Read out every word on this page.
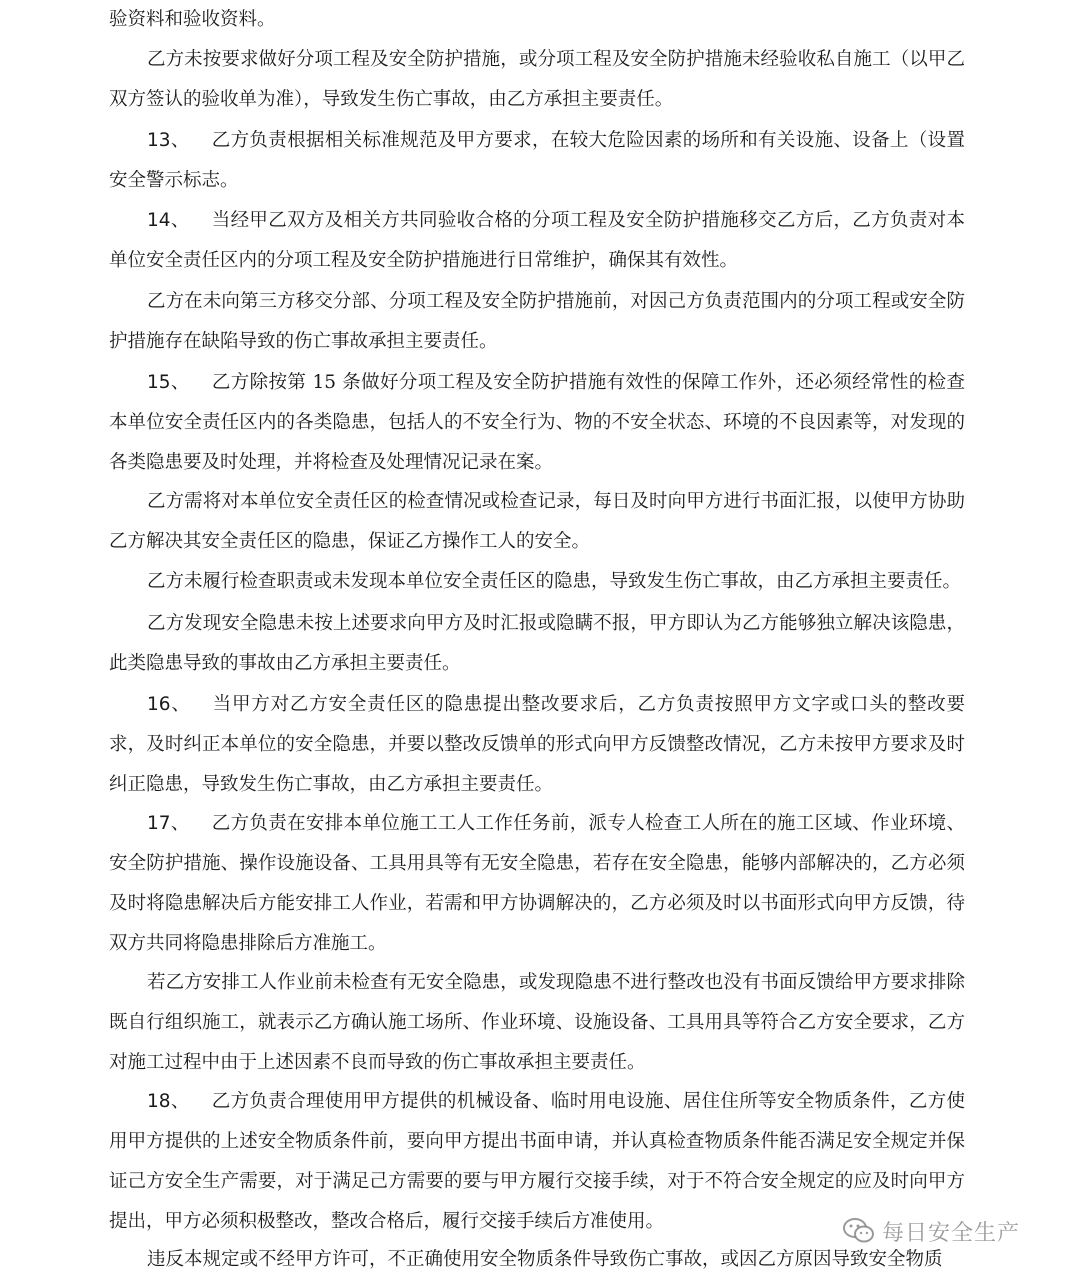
验资料和验收资料。

乙方未按要求做好分项工程及安全防护措施，或分项工程及安全防护措施未经验收私自施工（以甲乙双方签认的验收单为准），导致发生伤亡事故，由乙方承担主要责任。

13、 乙方负责根据相关标准规范及甲方要求，在较大危险因素的场所和有关设施、设备上（设置安全警示标志。

14、 当经甲乙双方及相关方共同验收合格的分项工程及安全防护措施移交乙方后，乙方负责对本单位安全责任区内的分项工程及安全防护措施进行日常维护，确保其有效性。

乙方在未向第三方移交分部、分项工程及安全防护措施前，对因己方负责范围内的分项工程或安全防护措施存在缺陷导致的伤亡事故承担主要责任。

15、 乙方除按第 15 条做好分项工程及安全防护措施有效性的保障工作外，还必须经常性的检查本单位安全责任区内的各类隐患，包括人的不安全行为、物的不安全状态、环境的不良因素等，对发现的各类隐患要及时处理，并将检查及处理情况记录在案。

乙方需将对本单位安全责任区的检查情况或检查记录，每日及时向甲方进行书面汇报，以使甲方协助乙方解决其安全责任区的隐患，保证乙方操作工人的安全。

乙方未履行检查职责或未发现本单位安全责任区的隐患，导致发生伤亡事故，由乙方承担主要责任。

乙方发现安全隐患未按上述要求向甲方及时汇报或隐瞒不报，甲方即认为乙方能够独立解决该隐患，此类隐患导致的事故由乙方承担主要责任。

16、 当甲方对乙方安全责任区的隐患提出整改要求后，乙方负责按照甲方文字或口头的整改要求，及时纠正本单位的安全隐患，并要以整改反馈单的形式向甲方反馈整改情况，乙方未按甲方要求及时纠正隐患，导致发生伤亡事故，由乙方承担主要责任。

17、 乙方负责在安排本单位施工工人工作任务前，派专人检查工人所在的施工区域、作业环境、安全防护措施、操作设施设备、工具用具等有无安全隐患，若存在安全隐患，能够内部解决的，乙方必须及时将隐患解决后方能安排工人作业，若需和甲方协调解决的，乙方必须及时以书面形式向甲方反馈，待双方共同将隐患排除后方准施工。

若乙方安排工人作业前未检查有无安全隐患，或发现隐患不进行整改也没有书面反馈给甲方要求排除既自行组织施工，就表示乙方确认施工场所、作业环境、设施设备、工具用具等符合乙方安全要求，乙方对施工过程中由于上述因素不良而导致的伤亡事故承担主要责任。

18、 乙方负责合理使用甲方提供的机械设备、临时用电设施、居住住所等安全物质条件，乙方使用甲方提供的上述安全物质条件前，要向甲方提出书面申请，并认真检查物质条件能否满足安全规定并保证己方安全生产需要，对于满足己方需要的要与甲方履行交接手续，对于不符合安全规定的应及时向甲方提出，甲方必须积极整改，整改合格后，履行交接手续后方准使用。

违反本规定或不经甲方许可，不正确使用安全物质条件导致伤亡事故，或因乙方原因导致安全物质

每日安全生产
